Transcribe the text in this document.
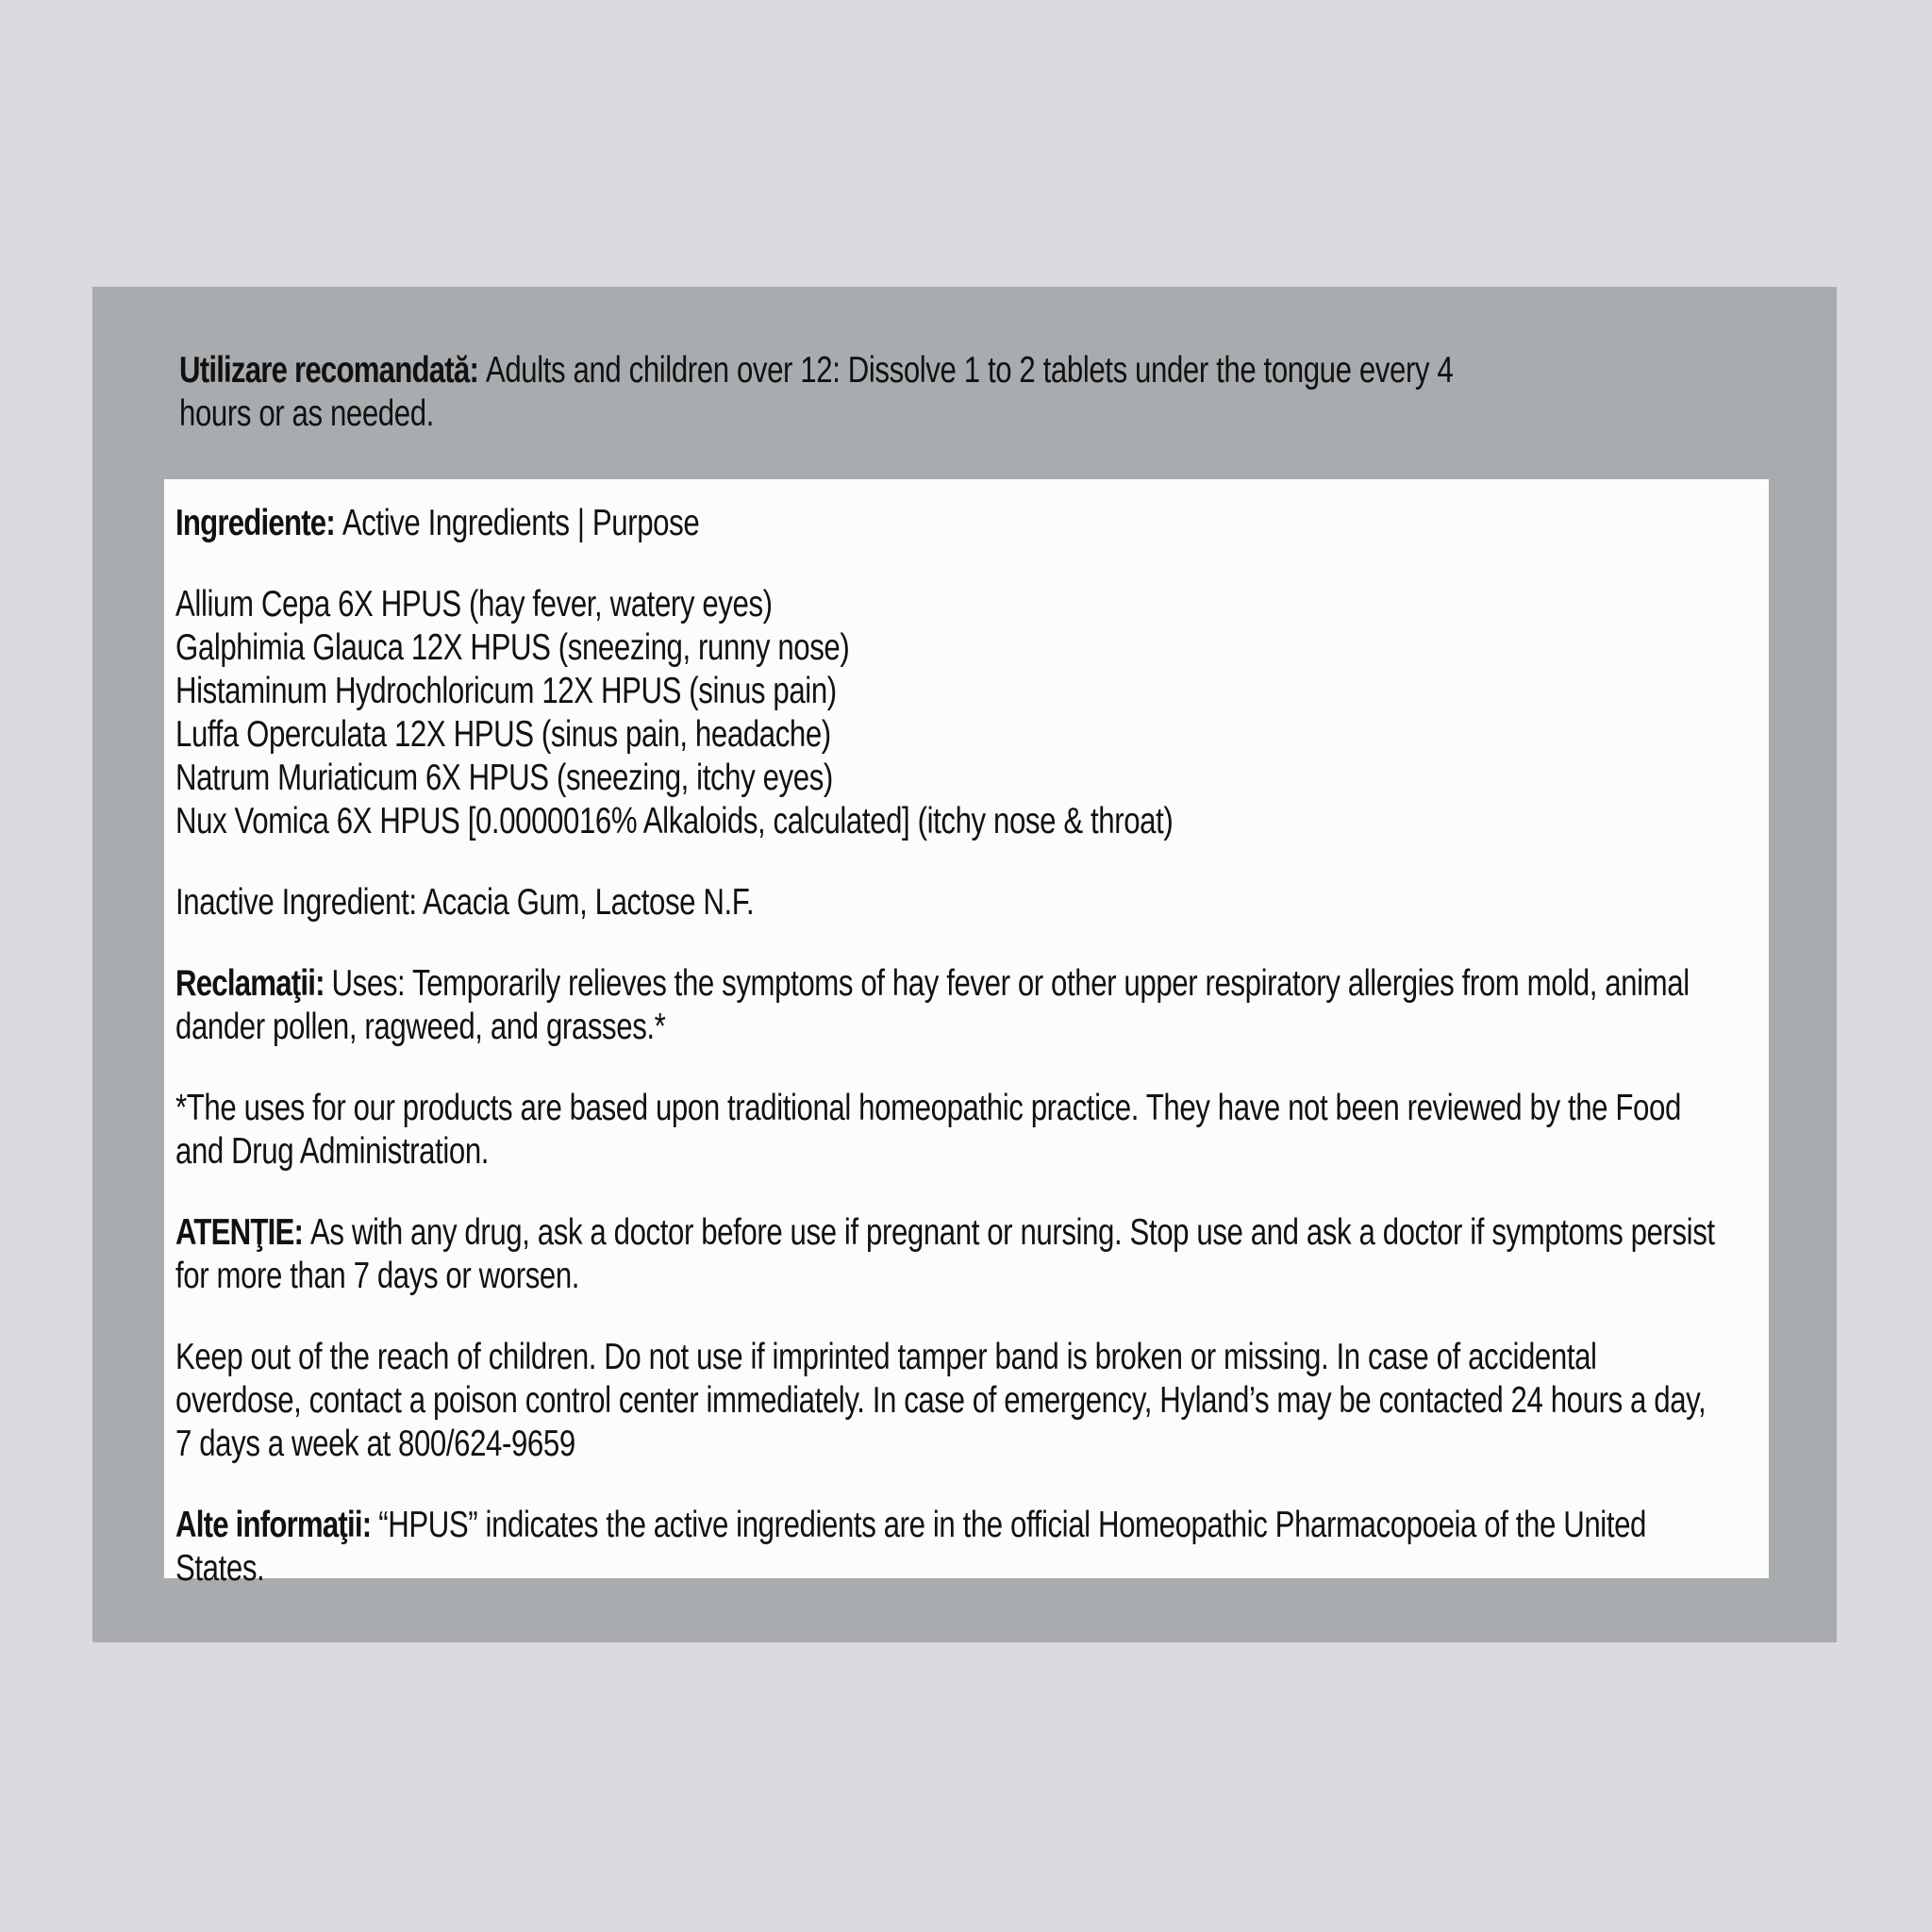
Utilizare recomandată: Adults and children over 12: Dissolve 1 to 2 tablets under the tongue every 4
hours or as needed.
Ingrediente: Active Ingredients | Purpose
Allium Cepa 6X HPUS (hay fever, watery eyes)
Galphimia Glauca 12X HPUS (sneezing, runny nose)
Histaminum Hydrochloricum 12X HPUS (sinus pain)
Luffa Operculata 12X HPUS (sinus pain, headache)
Natrum Muriaticum 6X HPUS (sneezing, itchy eyes)
Nux Vomica 6X HPUS [0.0000016% Alkaloids, calculated] (itchy nose & throat)
Inactive Ingredient: Acacia Gum, Lactose N.F.
Reclamaţii: Uses: Temporarily relieves the symptoms of hay fever or other upper respiratory allergies from mold, animal
dander pollen, ragweed, and grasses.*
*The uses for our products are based upon traditional homeopathic practice. They have not been reviewed by the Food
and Drug Administration.
ATENŢIE: As with any drug, ask a doctor before use if pregnant or nursing. Stop use and ask a doctor if symptoms persist
for more than 7 days or worsen.
Keep out of the reach of children. Do not use if imprinted tamper band is broken or missing. In case of accidental
overdose, contact a poison control center immediately. In case of emergency, Hyland’s may be contacted 24 hours a day,
7 days a week at 800/624-9659
Alte informaţii: “HPUS” indicates the active ingredients are in the official Homeopathic Pharmacopoeia of the United
States.
